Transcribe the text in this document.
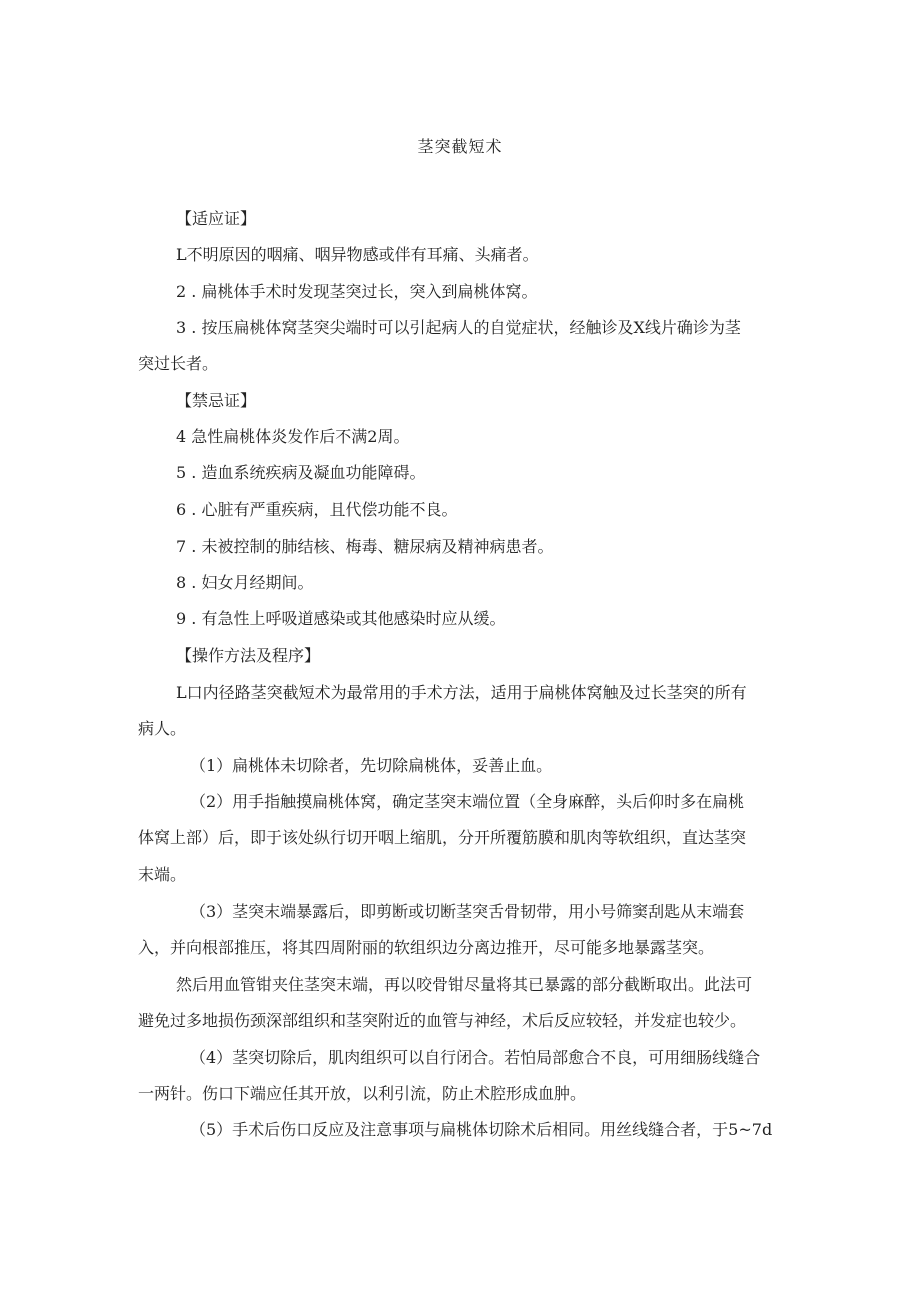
茎突截短术
【适应证】
L不明原因的咽痛、咽异物感或伴有耳痛、头痛者。
2 . 扁桃体手术时发现茎突过长，突入到扁桃体窝。
3 . 按压扁桃体窝茎突尖端时可以引起病人的自觉症状，经触诊及X线片确诊为茎
突过长者。
【禁忌证】
4 急性扁桃体炎发作后不满2周。
5 . 造血系统疾病及凝血功能障碍。
6 . 心脏有严重疾病，且代偿功能不良。
7 . 未被控制的肺结核、梅毒、糖尿病及精神病患者。
8 . 妇女月经期间。
9 . 有急性上呼吸道感染或其他感染时应从缓。
【操作方法及程序】
L口内径路茎突截短术为最常用的手术方法，适用于扁桃体窝触及过长茎突的所有
病人。
（1）扁桃体未切除者，先切除扁桃体，妥善止血。
（2）用手指触摸扁桃体窝，确定茎突末端位置（全身麻醉，头后仰时多在扁桃
体窝上部）后，即于该处纵行切开咽上缩肌，分开所覆筋膜和肌肉等软组织，直达茎突
末端。
（3）茎突末端暴露后，即剪断或切断茎突舌骨韧带，用小号筛窦刮匙从末端套
入，并向根部推压，将其四周附丽的软组织边分离边推开，尽可能多地暴露茎突。
然后用血管钳夹住茎突末端，再以咬骨钳尽量将其已暴露的部分截断取出。此法可
避免过多地损伤颈深部组织和茎突附近的血管与神经，术后反应较轻，并发症也较少。
（4）茎突切除后，肌肉组织可以自行闭合。若怕局部愈合不良，可用细肠线缝合
一两针。伤口下端应任其开放，以利引流，防止术腔形成血肿。
（5）手术后伤口反应及注意事项与扁桃体切除术后相同。用丝线缝合者，于5~7d
